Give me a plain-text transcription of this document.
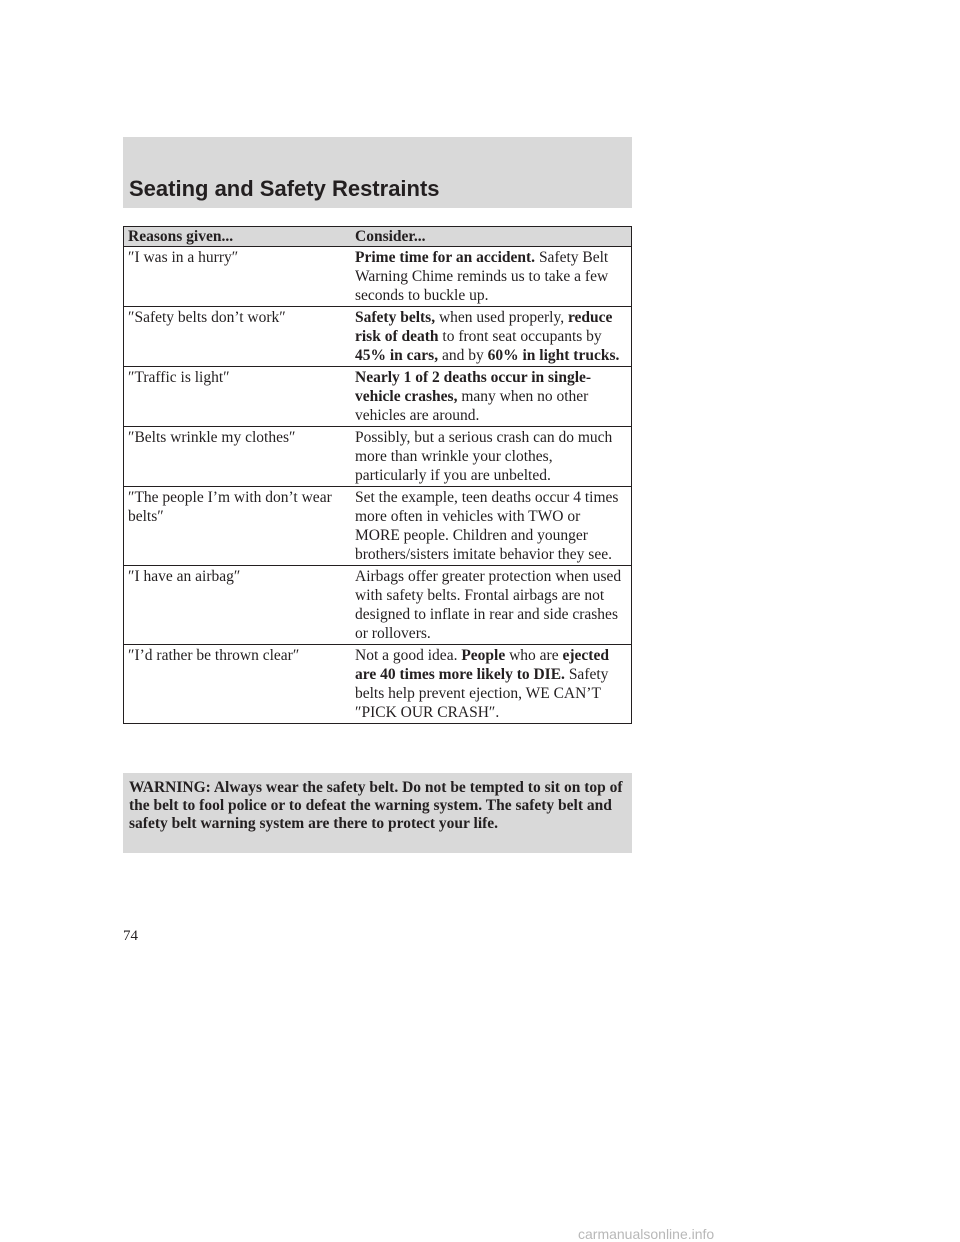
Seating and Safety Restraints
Reasons given...	Consider...
″I was in a hurry″	Prime time for an accident. Safety Belt Warning Chime reminds us to take a few seconds to buckle up.
″Safety belts don’t work″	Safety belts, when used properly, reduce risk of death to front seat occupants by 45% in cars, and by 60% in light trucks.
″Traffic is light″	Nearly 1 of 2 deaths occur in single-vehicle crashes, many when no other vehicles are around.
″Belts wrinkle my clothes″	Possibly, but a serious crash can do much more than wrinkle your clothes, particularly if you are unbelted.
″The people I’m with don’t wear belts″	Set the example, teen deaths occur 4 times more often in vehicles with TWO or MORE people. Children and younger brothers/sisters imitate behavior they see.
″I have an airbag″	Airbags offer greater protection when used with safety belts. Frontal airbags are not designed to inflate in rear and side crashes or rollovers.
″I’d rather be thrown clear″	Not a good idea. People who are ejected are 40 times more likely to DIE. Safety belts help prevent ejection, WE CAN’T ″PICK OUR CRASH″.
WARNING: Always wear the safety belt. Do not be tempted to sit on top of the belt to fool police or to defeat the warning system. The safety belt and safety belt warning system are there to protect your life.
74
carmanualsonline.info
